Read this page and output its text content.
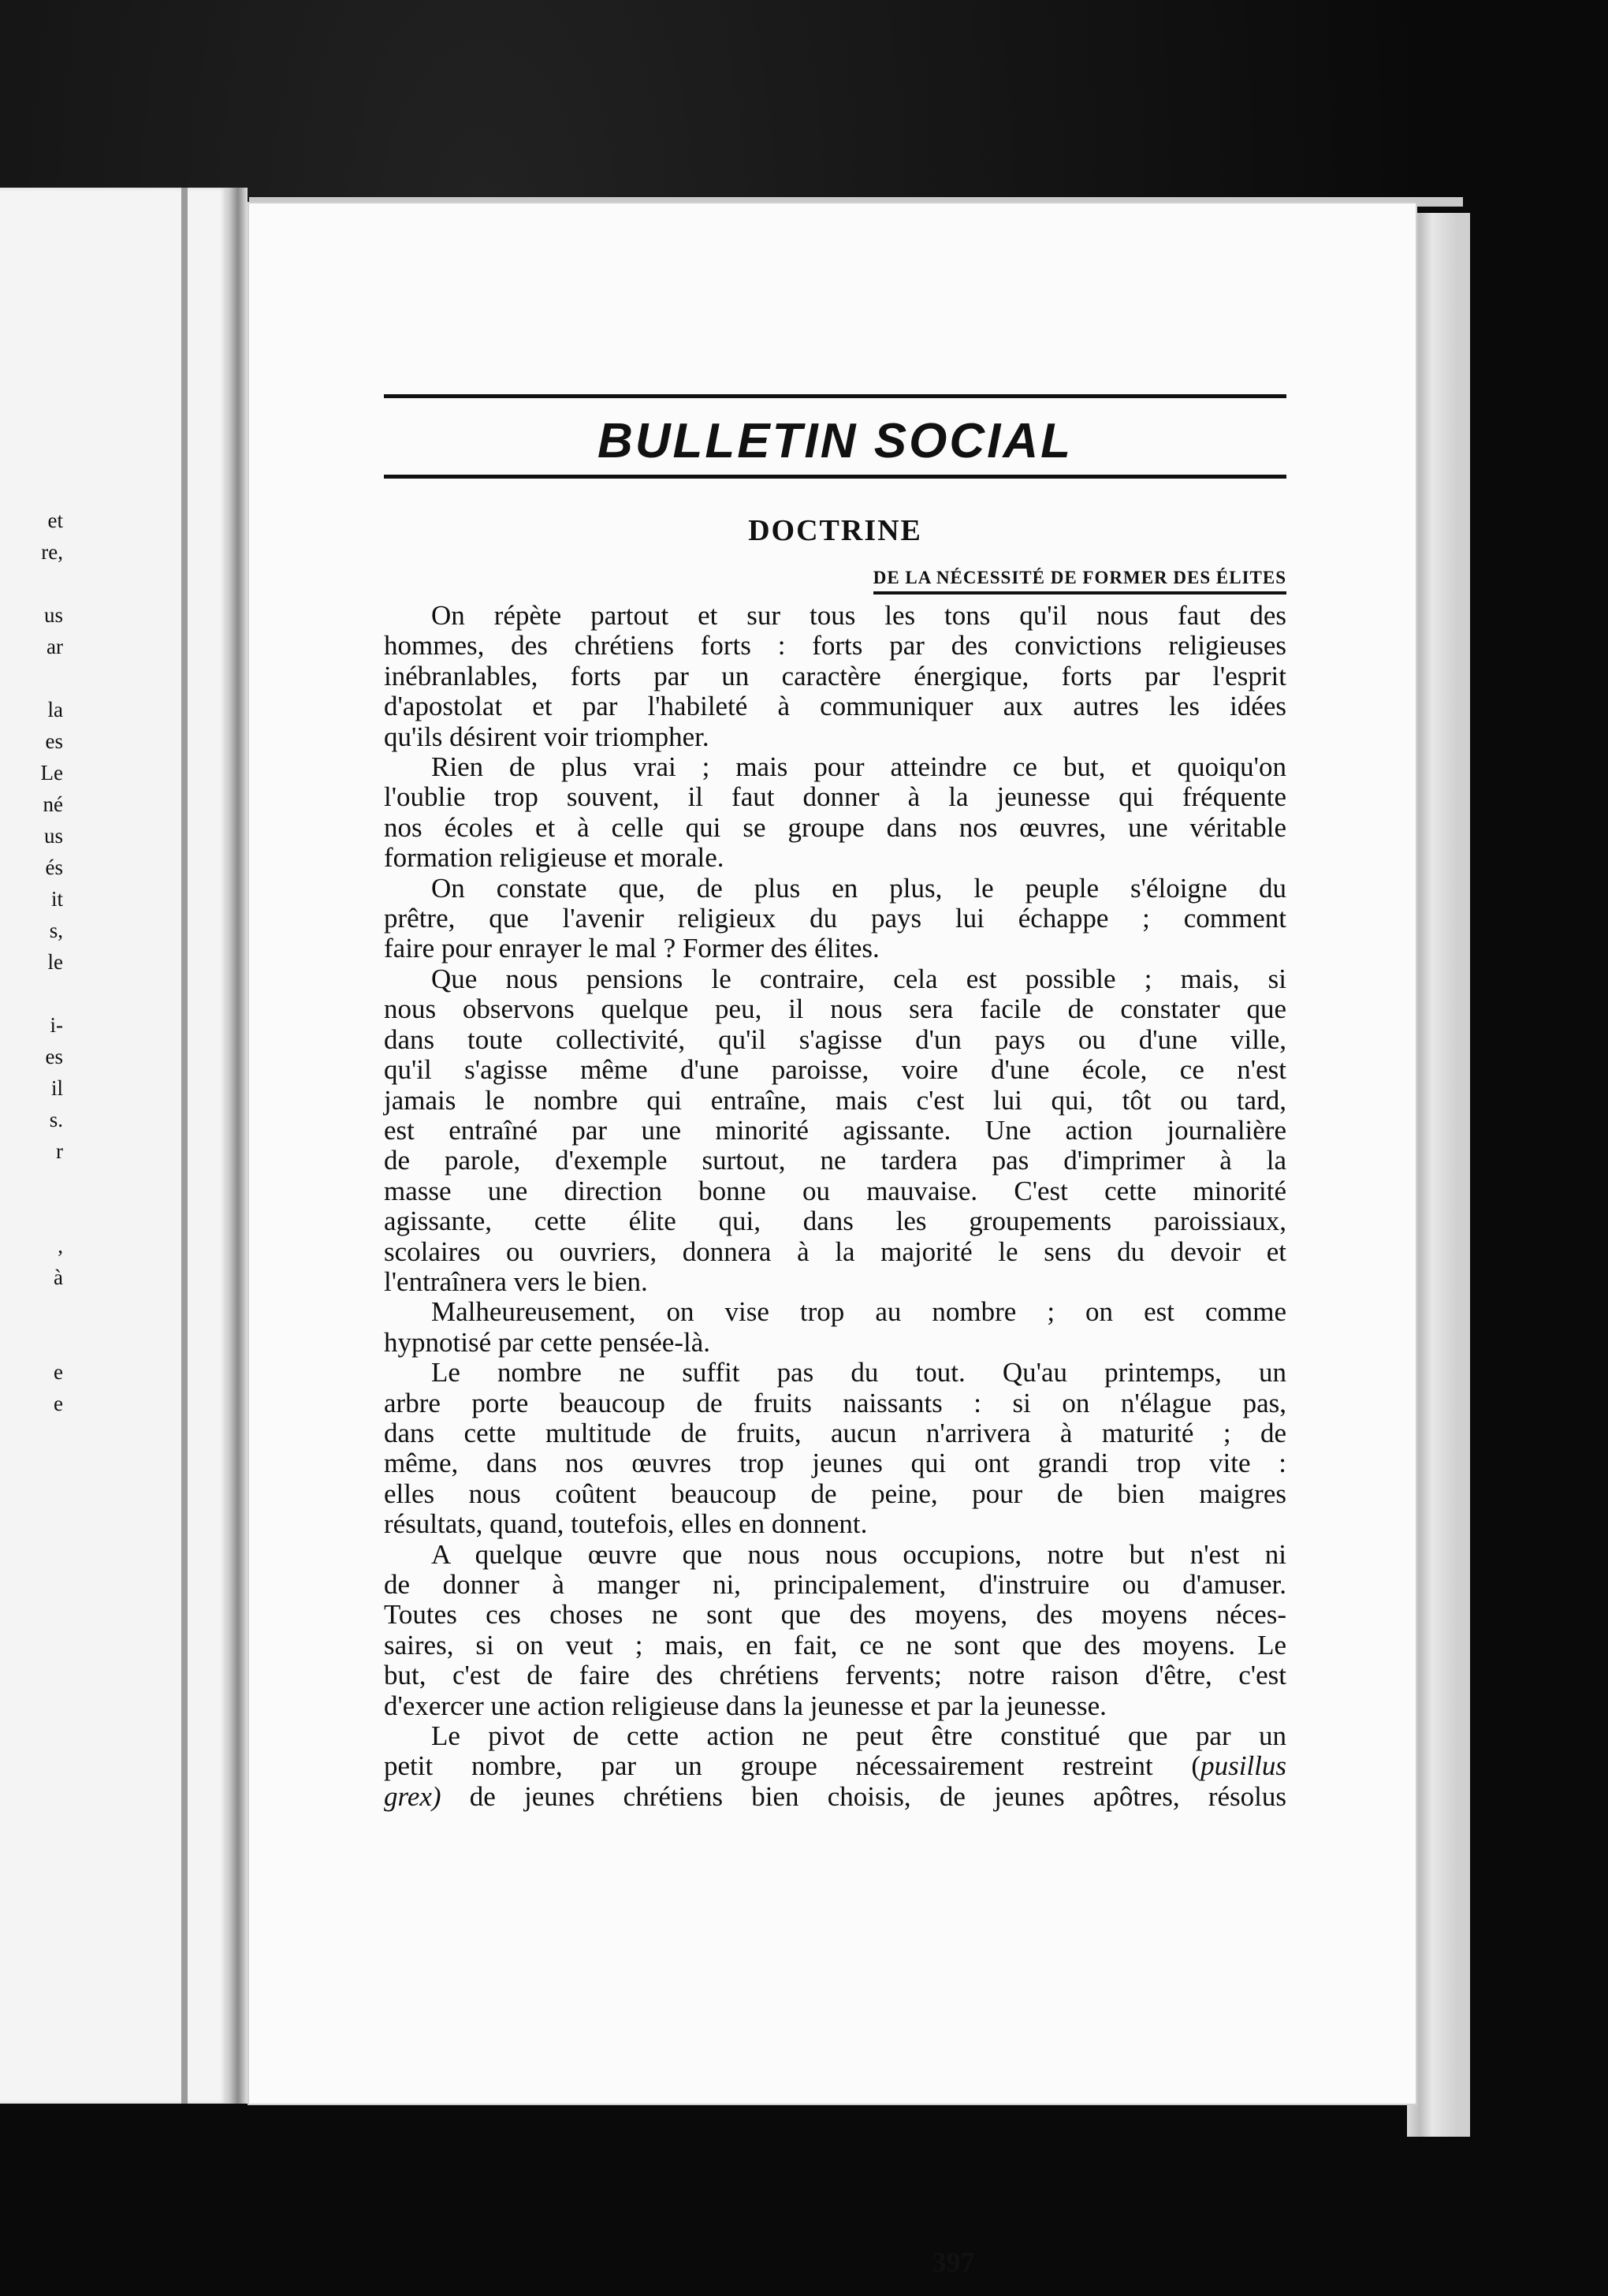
et
re,
us
ar
la
es
Le
né
us
és
it
s,
le
i-
es
il
s.
r
,
à
e
e
BULLETIN SOCIAL
DOCTRINE
DE LA NÉCESSITÉ DE FORMER DES ÉLITES
On répète partout et sur tous les tons qu'il nous faut des
hommes, des chrétiens forts : forts par des convictions religieuses
inébranlables, forts par un caractère énergique, forts par l'esprit
d'apostolat et par l'habileté à communiquer aux autres les idées
qu'ils désirent voir triompher.
Rien de plus vrai ; mais pour atteindre ce but, et quoiqu'on
l'oublie trop souvent, il faut donner à la jeunesse qui fréquente
nos écoles et à celle qui se groupe dans nos œuvres, une véritable
formation religieuse et morale.
On constate que, de plus en plus, le peuple s'éloigne du
prêtre, que l'avenir religieux du pays lui échappe ; comment
faire pour enrayer le mal ? Former des élites.
Que nous pensions le contraire, cela est possible ; mais, si
nous observons quelque peu, il nous sera facile de constater que
dans toute collectivité, qu'il s'agisse d'un pays ou d'une ville,
qu'il s'agisse même d'une paroisse, voire d'une école, ce n'est
jamais le nombre qui entraîne, mais c'est lui qui, tôt ou tard,
est entraîné par une minorité agissante. Une action journalière
de parole, d'exemple surtout, ne tardera pas d'imprimer à la
masse une direction bonne ou mauvaise. C'est cette minorité
agissante, cette élite qui, dans les groupements paroissiaux,
scolaires ou ouvriers, donnera à la majorité le sens du devoir et
l'entraînera vers le bien.
Malheureusement, on vise trop au nombre ; on est comme
hypnotisé par cette pensée-là.
Le nombre ne suffit pas du tout. Qu'au printemps, un
arbre porte beaucoup de fruits naissants : si on n'élague pas,
dans cette multitude de fruits, aucun n'arrivera à maturité ; de
même, dans nos œuvres trop jeunes qui ont grandi trop vite :
elles nous coûtent beaucoup de peine, pour de bien maigres
résultats, quand, toutefois, elles en donnent.
A quelque œuvre que nous nous occupions, notre but n'est ni
de donner à manger ni, principalement, d'instruire ou d'amuser.
Toutes ces choses ne sont que des moyens, des moyens néces-
saires, si on veut ; mais, en fait, ce ne sont que des moyens. Le
but, c'est de faire des chrétiens fervents; notre raison d'être, c'est
d'exercer une action religieuse dans la jeunesse et par la jeunesse.
Le pivot de cette action ne peut être constitué que par un
petit nombre, par un groupe nécessairement restreint (pusillus
grex) de jeunes chrétiens bien choisis, de jeunes apôtres, résolus
397
